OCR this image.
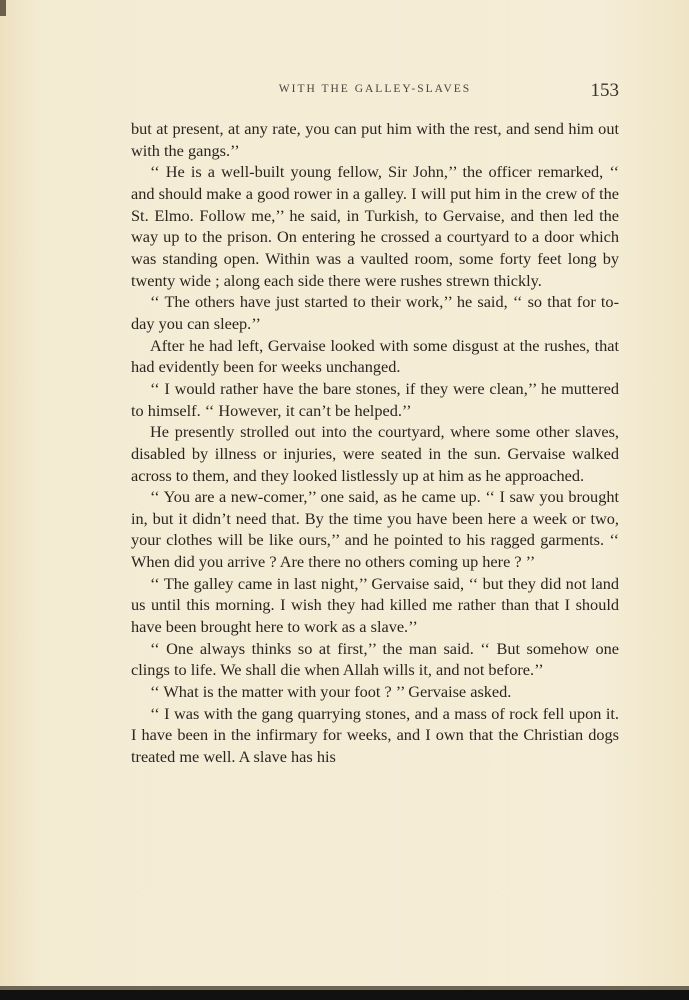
WITH THE GALLEY-SLAVES	153

but at present, at any rate, you can put him with the rest, and send him out with the gangs.’’

‘‘ He is a well-built young fellow, Sir John,’’ the officer remarked, ‘‘ and should make a good rower in a galley. I will put him in the crew of the St. Elmo. Follow me,’’ he said, in Turkish, to Gervaise, and then led the way up to the prison. On entering he crossed a courtyard to a door which was standing open. Within was a vaulted room, some forty feet long by twenty wide ; along each side there were rushes strewn thickly.

‘‘ The others have just started to their work,’’ he said, ‘‘ so that for to-day you can sleep.’’

After he had left, Gervaise looked with some disgust at the rushes, that had evidently been for weeks unchanged.

‘‘ I would rather have the bare stones, if they were clean,’’ he muttered to himself. ‘‘ However, it can’t be helped.’’

He presently strolled out into the courtyard, where some other slaves, disabled by illness or injuries, were seated in the sun. Gervaise walked across to them, and they looked listlessly up at him as he approached.

‘‘ You are a new-comer,’’ one said, as he came up. ‘‘ I saw you brought in, but it didn’t need that. By the time you have been here a week or two, your clothes will be like ours,’’ and he pointed to his ragged garments. ‘‘ When did you arrive ? Are there no others coming up here ? ’’

‘‘ The galley came in last night,’’ Gervaise said, ‘‘ but they did not land us until this morning. I wish they had killed me rather than that I should have been brought here to work as a slave.’’

‘‘ One always thinks so at first,’’ the man said. ‘‘ But somehow one clings to life. We shall die when Allah wills it, and not before.’’

‘‘ What is the matter with your foot ? ’’ Gervaise asked.

‘‘ I was with the gang quarrying stones, and a mass of rock fell upon it. I have been in the infirmary for weeks, and I own that the Christian dogs treated me well. A slave has his
